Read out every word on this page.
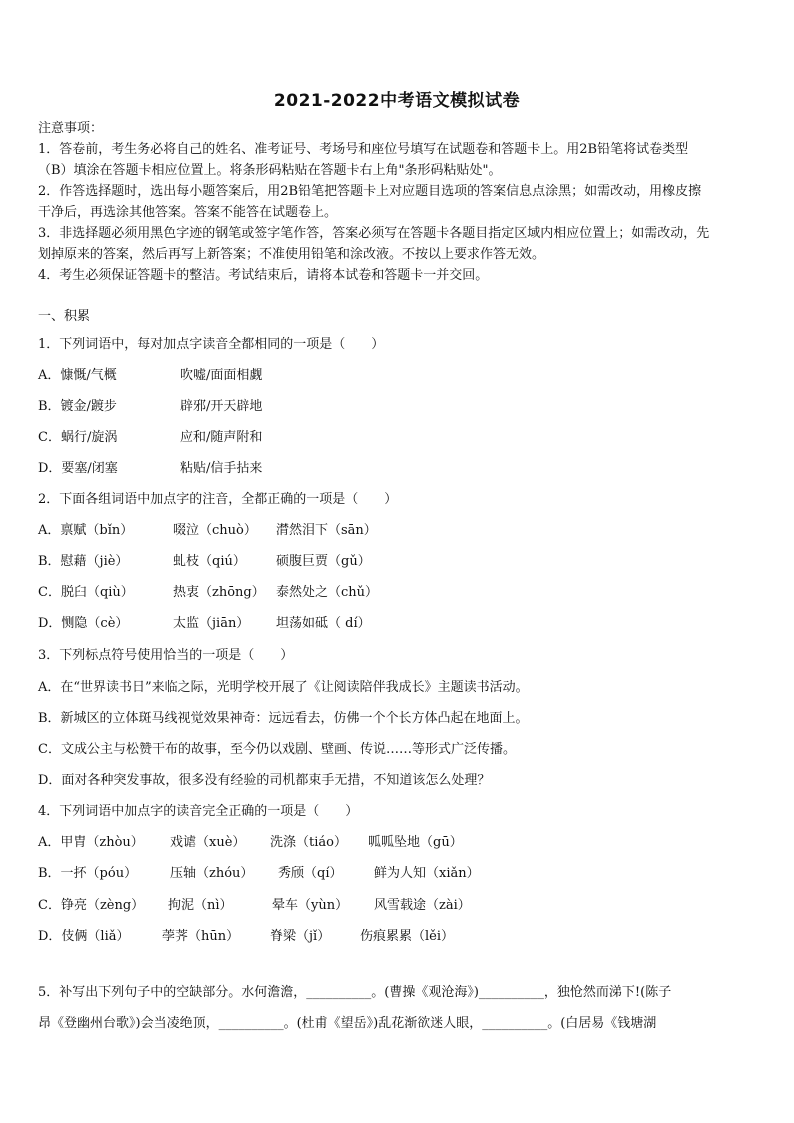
2021-2022中考语文模拟试卷

注意事项：

1．答卷前，考生务必将自己的姓名、准考证号、考场号和座位号填写在试题卷和答题卡上。用2B铅笔将试卷类型

（B）填涂在答题卡相应位置上。将条形码粘贴在答题卡右上角"条形码粘贴处"。

2．作答选择题时，选出每小题答案后，用2B铅笔把答题卡上对应题目选项的答案信息点涂黑；如需改动，用橡皮擦

干净后，再选涂其他答案。答案不能答在试题卷上。

3．非选择题必须用黑色字迹的钢笔或签字笔作答，答案必须写在答题卡各题目指定区域内相应位置上；如需改动，先

划掉原来的答案，然后再写上新答案；不准使用铅笔和涂改液。不按以上要求作答无效。

4．考生必须保证答题卡的整洁。考试结束后，请将本试卷和答题卡一并交回。

一、积累
1．下列词语中，每对加点字读音全都相同的一项是（　　）
A．慷慨/气概	吹嘘/面面相觑
B．镀金/踱步	辟邪/开天辟地
C．蜗行/旋涡	应和/随声附和
D．要塞/闭塞	粘贴/信手拈来
2．下面各组词语中加点字的注音，全都正确的一项是（　　）
A．禀赋（bǐn）	啜泣（chuò） 潸然泪下（sān）
B．慰藉（jiè）	虬枝（qiú） 硕腹巨贾（gǔ）
C．脱臼（qiù）	热衷（zhōng） 泰然处之（chǔ）
D．恻隐（cè）	太监（jiān） 坦荡如砥（ dí）
3．下列标点符号使用恰当的一项是（　　）
A．在“世界读书日”来临之际，光明学校开展了《让阅读陪伴我成长》主题读书活动。
B．新城区的立体斑马线视觉效果神奇：远远看去，仿佛一个个长方体凸起在地面上。
C．文成公主与松赞干布的故事，至今仍以戏剧、壁画、传说……等形式广泛传播。
D．面对各种突发事故，很多没有经验的司机都束手无措，不知道该怎么处理？
4．下列词语中加点字的读音完全正确的一项是（　　）
A．甲胄（zhòu） 戏谑（xuè） 洗涤（tiáo） 呱呱坠地（gū）
B．一抔（póu）	压轴（zhóu） 秀颀（qí） 鲜为人知（xiǎn）
C．铮亮（zèng） 拘泥（nì）	晕车（yùn） 风雪载途（zài）
D．伎俩（liǎ）	荸荠（hūn） 脊梁（jǐ） 伤痕累累（lěi）

5．补写出下列句子中的空缺部分。水何澹澹，__________。(曹操《观沧海》)__________，独怆然而涕下!(陈子

昂《登幽州台歌》)会当凌绝顶，__________。(杜甫《望岳》)乱花渐欲迷人眼，__________。(白居易《钱塘湖
